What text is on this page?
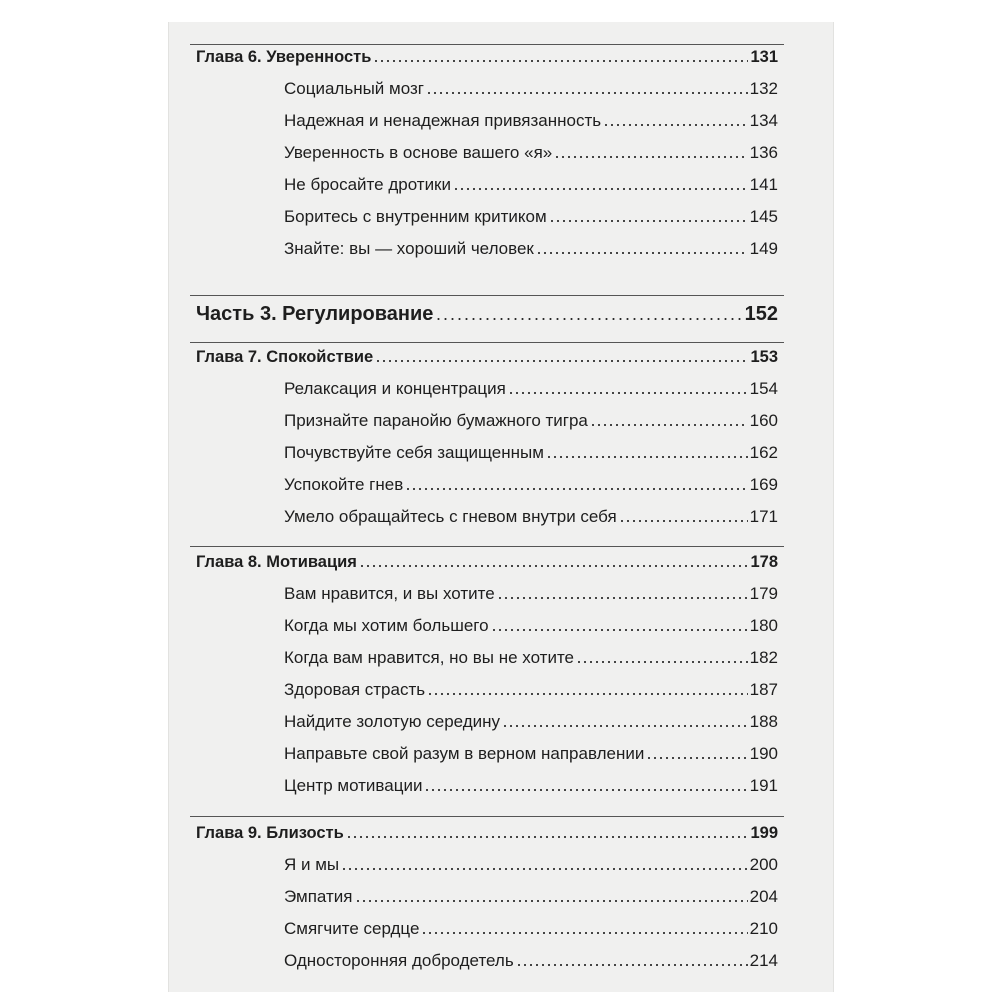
Глава 6. Уверенность	131
Социальный мозг	132
Надежная и ненадежная привязанность	134
Уверенность в основе вашего «я»	136
Не бросайте дротики	141
Боритесь с внутренним критиком	145
Знайте: вы — хороший человек	149
Часть 3. Регулирование	152
Глава 7. Спокойствие	153
Релаксация и концентрация	154
Признайте паранойю бумажного тигра	160
Почувствуйте себя защищенным	162
Успокойте гнев	169
Умело обращайтесь с гневом внутри себя	171
Глава 8. Мотивация	178
Вам нравится, и вы хотите	179
Когда мы хотим большего	180
Когда вам нравится, но вы не хотите	182
Здоровая страсть	187
Найдите золотую середину	188
Направьте свой разум в верном направлении	190
Центр мотивации	191
Глава 9. Близость	199
Я и мы	200
Эмпатия	204
Смягчите сердце	210
Односторонняя добродетель	214
